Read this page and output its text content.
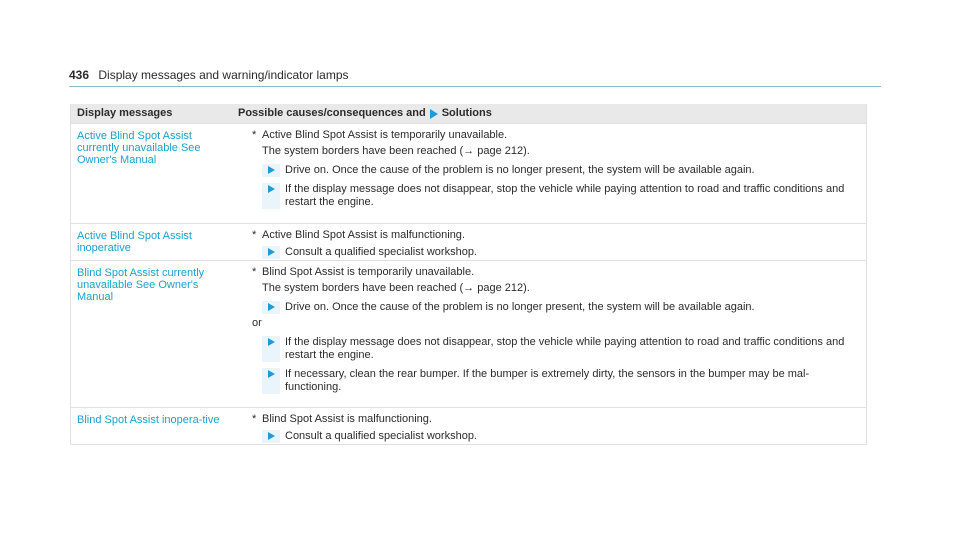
436 Display messages and warning/indicator lamps
Display messages	Possible causes/consequences and Solutions
Active Blind Spot Assist currently unavailable See Owner's Manual
* Active Blind Spot Assist is temporarily unavailable.
The system borders have been reached (→ page 212).
Drive on. Once the cause of the problem is no longer present, the system will be available again.
If the display message does not disappear, stop the vehicle while paying attention to road and traffic conditions and restart the engine.
Active Blind Spot Assist inoperative
* Active Blind Spot Assist is malfunctioning.
Consult a qualified specialist workshop.
Blind Spot Assist currently unavailable See Owner's Manual
* Blind Spot Assist is temporarily unavailable.
The system borders have been reached (→ page 212).
Drive on. Once the cause of the problem is no longer present, the system will be available again.
or
If the display message does not disappear, stop the vehicle while paying attention to road and traffic conditions and restart the engine.
If necessary, clean the rear bumper. If the bumper is extremely dirty, the sensors in the bumper may be mal-functioning.
Blind Spot Assist inopera-tive	* Blind Spot Assist is malfunctioning.
Consult a qualified specialist workshop.
